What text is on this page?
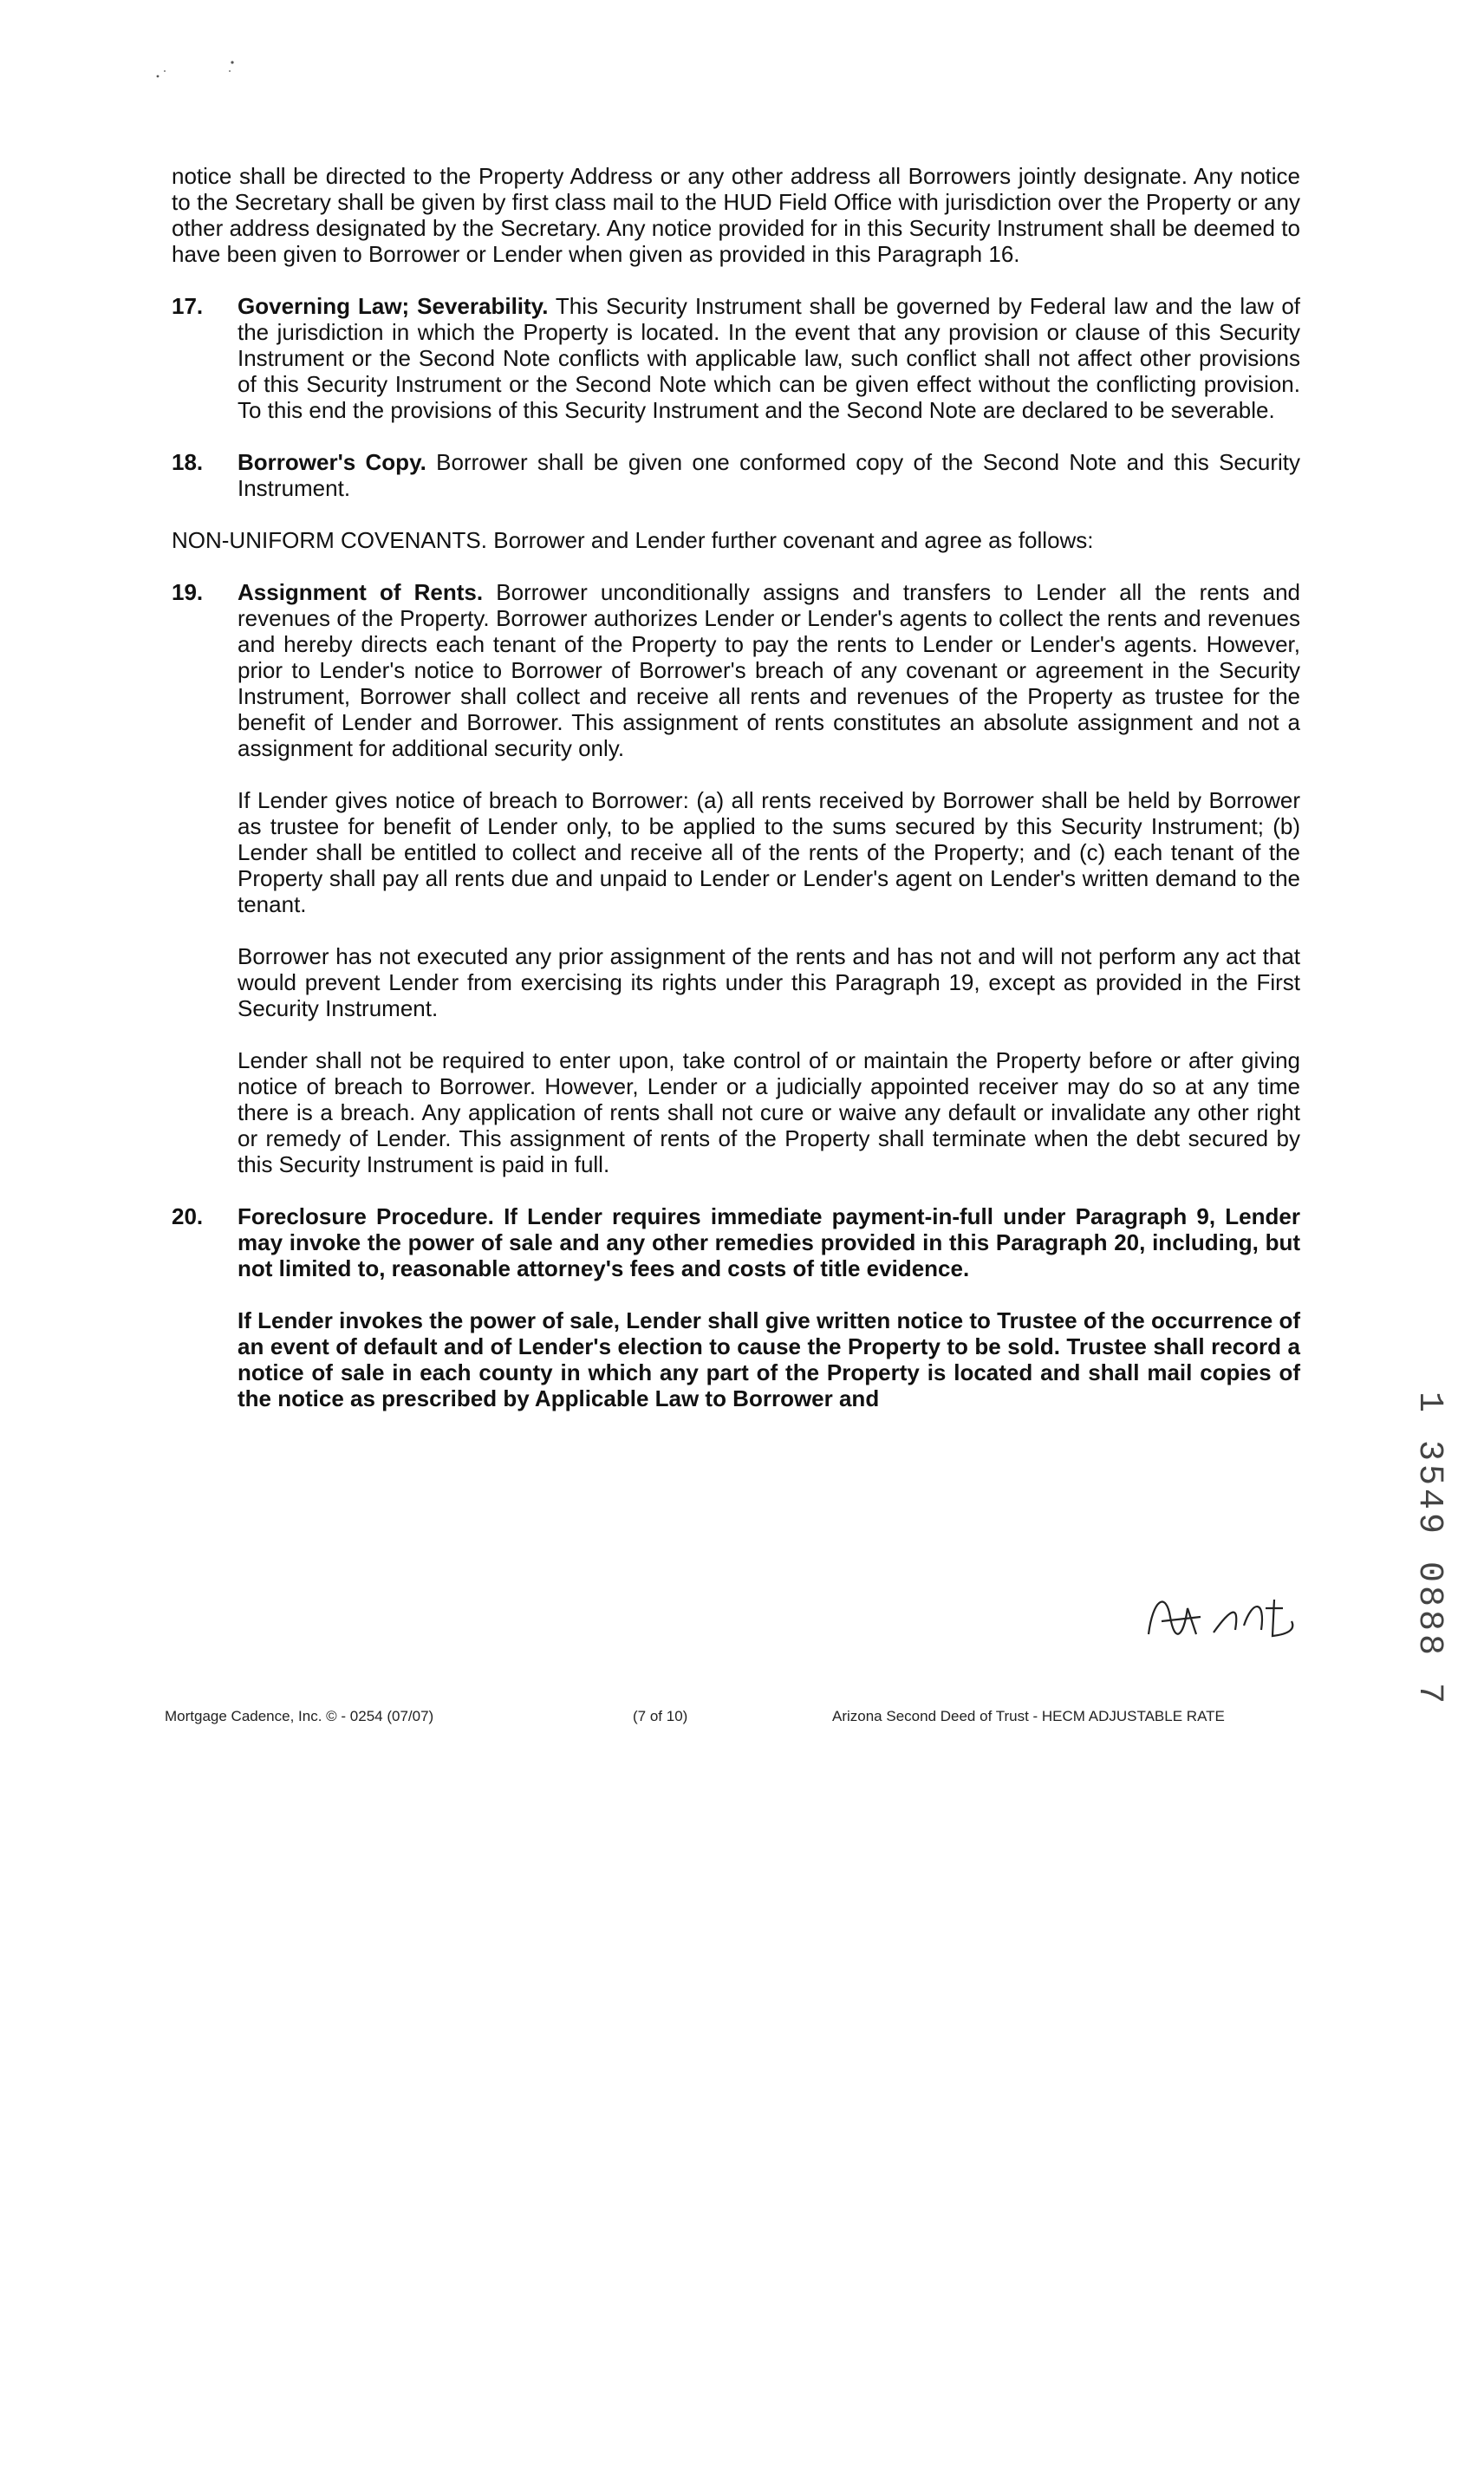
notice shall be directed to the Property Address or any other address all Borrowers jointly designate. Any notice to the Secretary shall be given by first class mail to the HUD Field Office with jurisdiction over the Property or any other address designated by the Secretary. Any notice provided for in this Security Instrument shall be deemed to have been given to Borrower or Lender when given as provided in this Paragraph 16.

17. Governing Law; Severability. This Security Instrument shall be governed by Federal law and the law of the jurisdiction in which the Property is located. In the event that any provision or clause of this Security Instrument or the Second Note conflicts with applicable law, such conflict shall not affect other provisions of this Security Instrument or the Second Note which can be given effect without the conflicting provision. To this end the provisions of this Security Instrument and the Second Note are declared to be severable.

18. Borrower's Copy. Borrower shall be given one conformed copy of the Second Note and this Security Instrument.

NON-UNIFORM COVENANTS. Borrower and Lender further covenant and agree as follows:

19. Assignment of Rents. Borrower unconditionally assigns and transfers to Lender all the rents and revenues of the Property. Borrower authorizes Lender or Lender's agents to collect the rents and revenues and hereby directs each tenant of the Property to pay the rents to Lender or Lender's agents. However, prior to Lender's notice to Borrower of Borrower's breach of any covenant or agreement in the Security Instrument, Borrower shall collect and receive all rents and revenues of the Property as trustee for the benefit of Lender and Borrower. This assignment of rents constitutes an absolute assignment and not a assignment for additional security only.

If Lender gives notice of breach to Borrower: (a) all rents received by Borrower shall be held by Borrower as trustee for benefit of Lender only, to be applied to the sums secured by this Security Instrument; (b) Lender shall be entitled to collect and receive all of the rents of the Property; and (c) each tenant of the Property shall pay all rents due and unpaid to Lender or Lender's agent on Lender's written demand to the tenant.

Borrower has not executed any prior assignment of the rents and has not and will not perform any act that would prevent Lender from exercising its rights under this Paragraph 19, except as provided in the First Security Instrument.

Lender shall not be required to enter upon, take control of or maintain the Property before or after giving notice of breach to Borrower. However, Lender or a judicially appointed receiver may do so at any time there is a breach. Any application of rents shall not cure or waive any default or invalidate any other right or remedy of Lender. This assignment of rents of the Property shall terminate when the debt secured by this Security Instrument is paid in full.

20. Foreclosure Procedure. If Lender requires immediate payment-in-full under Paragraph 9, Lender may invoke the power of sale and any other remedies provided in this Paragraph 20, including, but not limited to, reasonable attorney's fees and costs of title evidence.

If Lender invokes the power of sale, Lender shall give written notice to Trustee of the occurrence of an event of default and of Lender's election to cause the Property to be sold. Trustee shall record a notice of sale in each county in which any part of the Property is located and shall mail copies of the notice as prescribed by Applicable Law to Borrower and	1 3549 0888 7
Mortgage Cadence, Inc. © - 0254 (07/07)	(7 of 10)	Arizona Second Deed of Trust - HECM ADJUSTABLE RATE
